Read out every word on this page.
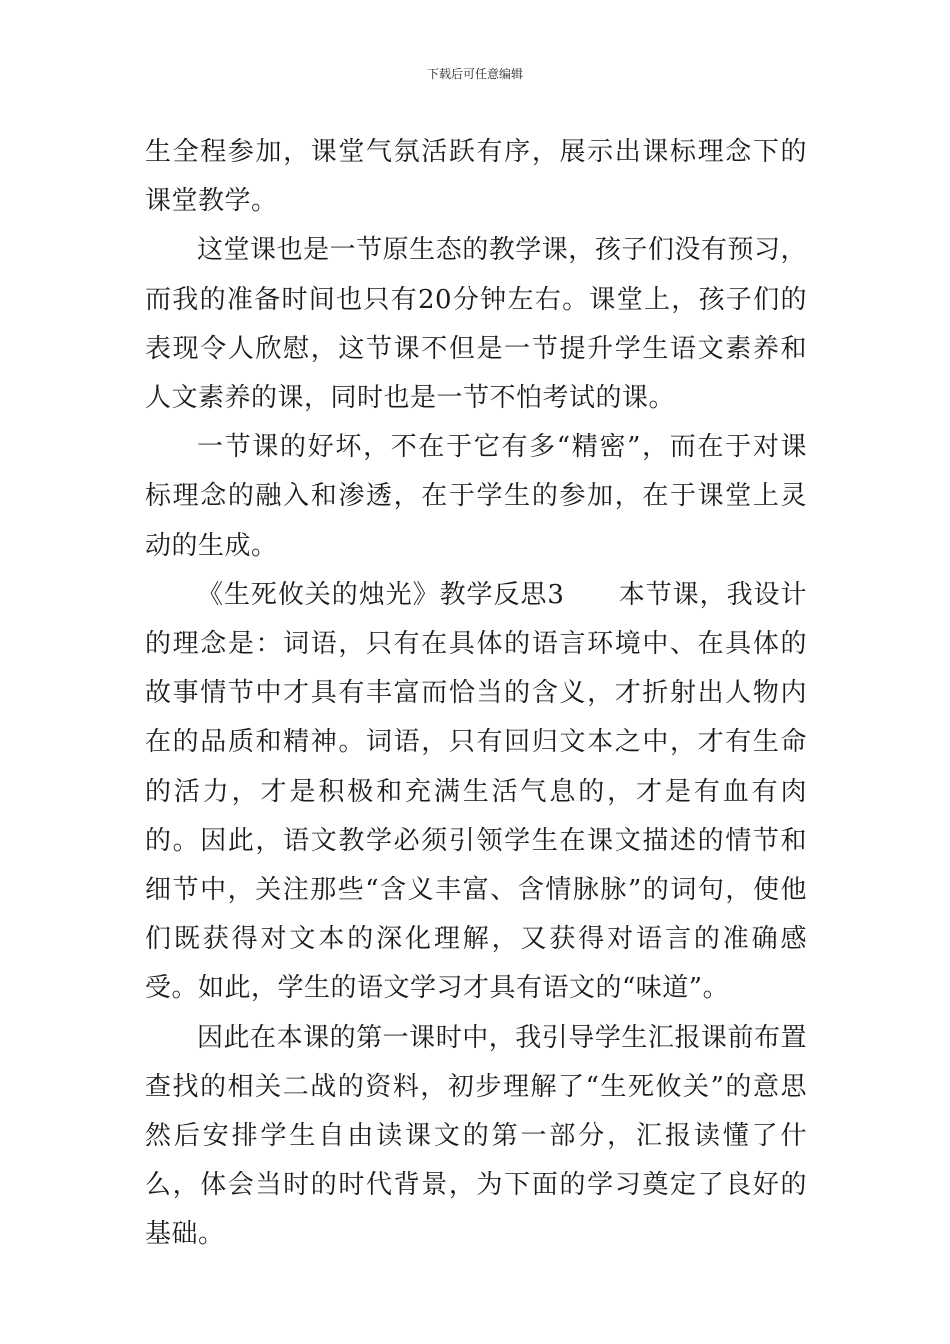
下载后可任意编辑

生全程参加，课堂气氛活跃有序，展示出课标理念下的课堂教学。

这堂课也是一节原生态的教学课，孩子们没有预习，而我的准备时间也只有20分钟左右。课堂上，孩子们的表现令人欣慰，这节课不但是一节提升学生语文素养和人文素养的课，同时也是一节不怕考试的课。

一节课的好坏，不在于它有多“精密”，而在于对课标理念的融入和渗透，在于学生的参加，在于课堂上灵动的生成。

《生死攸关的烛光》教学反思3　　本节课，我设计的理念是：词语，只有在具体的语言环境中、在具体的故事情节中才具有丰富而恰当的含义，才折射出人物内在的品质和精神。词语，只有回归文本之中，才有生命的活力，才是积极和充满生活气息的，才是有血有肉的。因此，语文教学必须引领学生在课文描述的情节和细节中，关注那些“含义丰富、含情脉脉”的词句，使他们既获得对文本的深化理解，又获得对语言的准确感受。如此，学生的语文学习才具有语文的“味道”。

因此在本课的第一课时中，我引导学生汇报课前布置查找的相关二战的资料，初步理解了“生死攸关”的意思然后安排学生自由读课文的第一部分，汇报读懂了什么，体会当时的时代背景，为下面的学习奠定了良好的基础。
